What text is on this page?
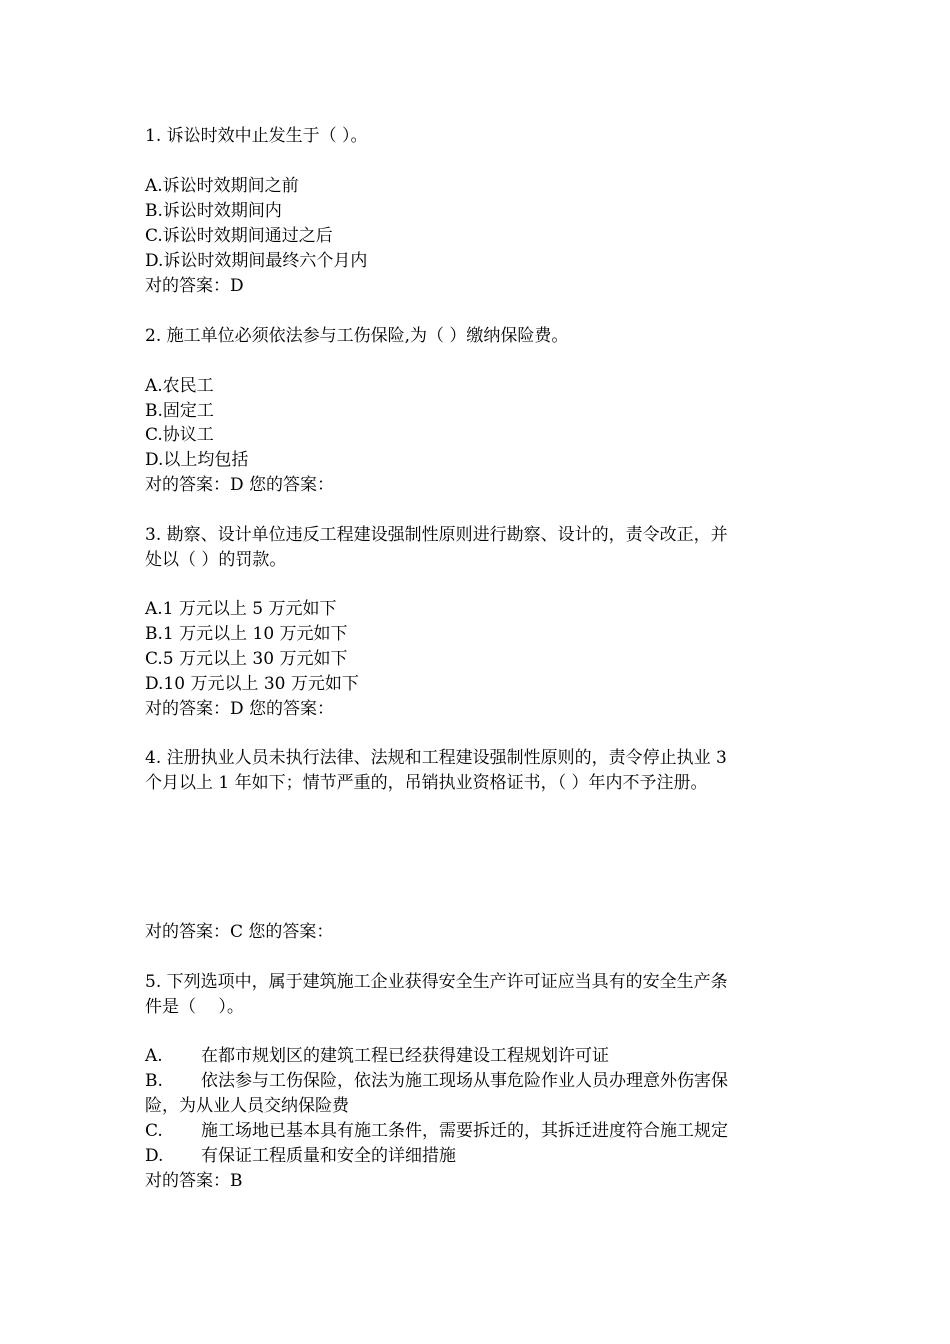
1. 诉讼时效中止发生于（ ）。
A.诉讼时效期间之前
B.诉讼时效期间内
C.诉讼时效期间通过之后
D.诉讼时效期间最终六个月内
对的答案：D
2. 施工单位必须依法参与工伤保险,为（ ）缴纳保险费。
A.农民工
B.固定工
C.协议工
D.以上均包括
对的答案：D 您的答案：
3. 勘察、设计单位违反工程建设强制性原则进行勘察、设计的，责令改正，并
处以（ ）的罚款。
A.1 万元以上 5 万元如下
B.1 万元以上 10 万元如下
C.5 万元以上 30 万元如下
D.10 万元以上 30 万元如下
对的答案：D 您的答案：
4. 注册执业人员未执行法律、法规和工程建设强制性原则的，责令停止执业 3
个月以上 1 年如下；情节严重的，吊销执业资格证书，（ ）年内不予注册。
对的答案：C 您的答案：
5. 下列选项中，属于建筑施工企业获得安全生产许可证应当具有的安全生产条
件是（　 ）。
A. 在都市规划区的建筑工程已经获得建设工程规划许可证
B. 依法参与工伤保险，依法为施工现场从事危险作业人员办理意外伤害保
险，为从业人员交纳保险费
C. 施工场地已基本具有施工条件，需要拆迁的，其拆迁进度符合施工规定
D. 有保证工程质量和安全的详细措施
对的答案：B
